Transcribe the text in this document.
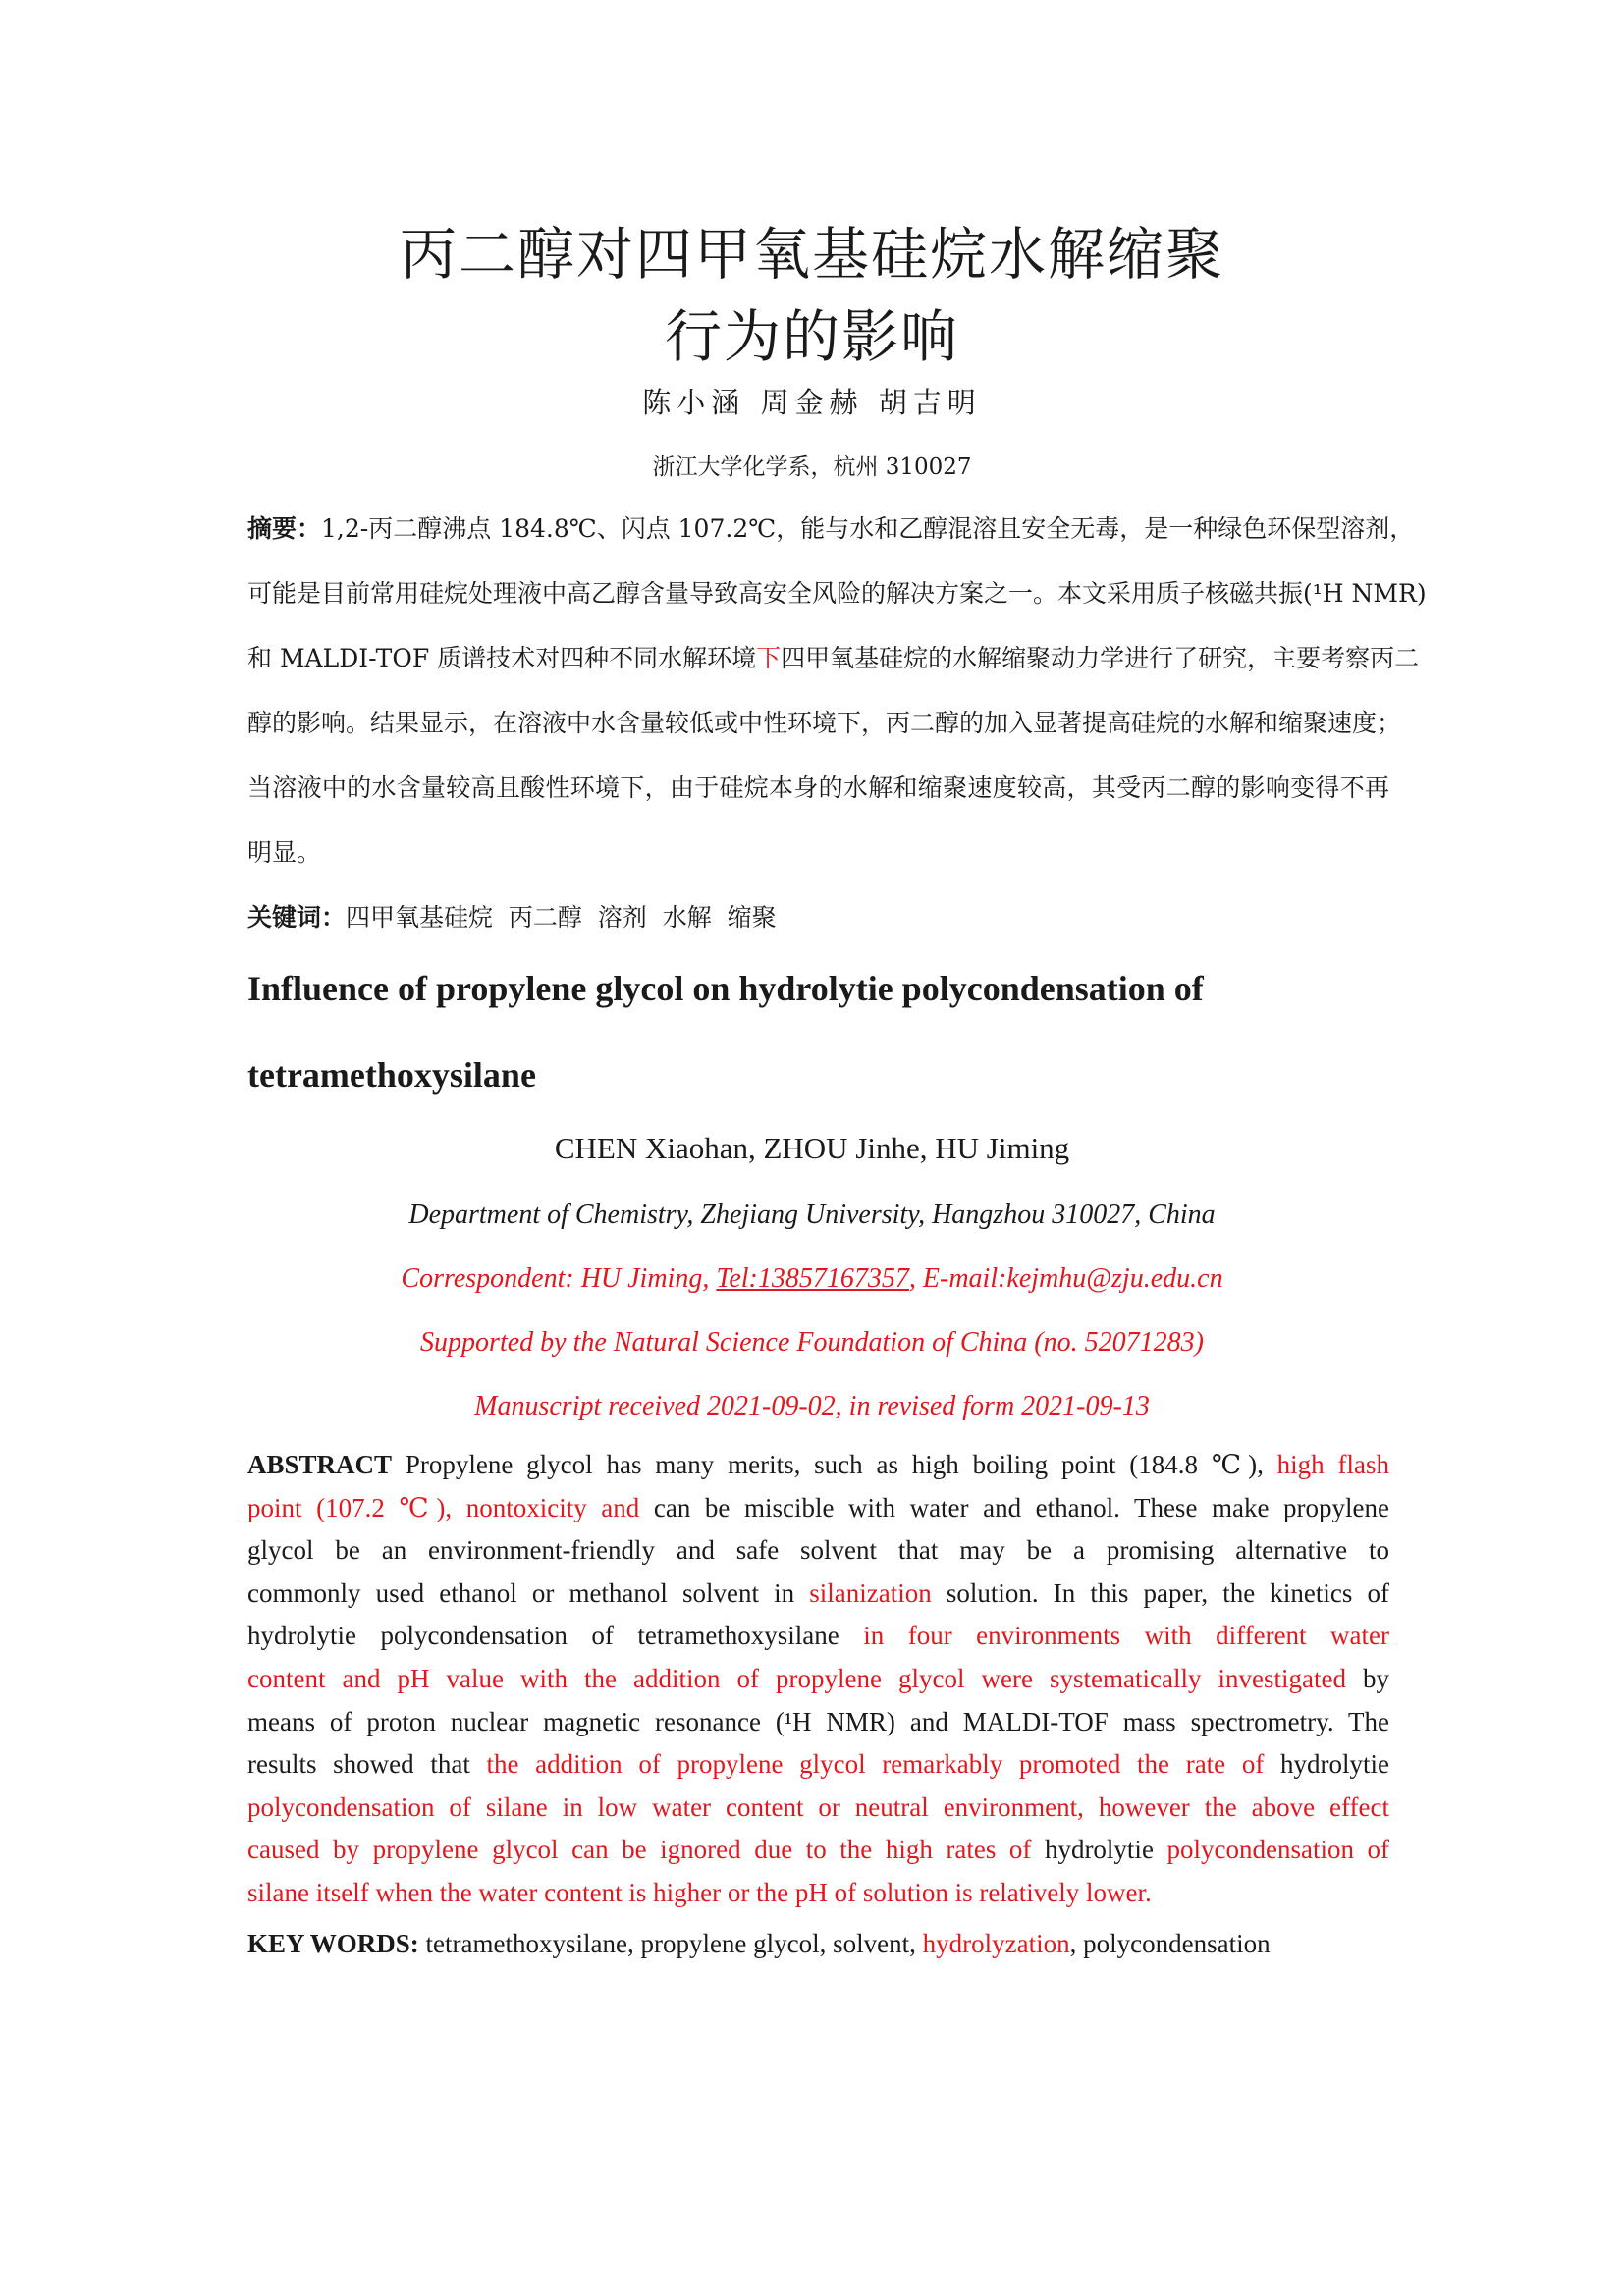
丙二醇对四甲氧基硅烷水解缩聚
行为的影响
陈小涵 周金赫 胡吉明
浙江大学化学系，杭州 310027
摘要：1,2-丙二醇沸点 184.8℃、闪点 107.2℃，能与水和乙醇混溶且安全无毒，是一种绿色环保型溶剂，
可能是目前常用硅烷处理液中高乙醇含量导致高安全风险的解决方案之一。本文采用质子核磁共振(¹H NMR)
和 MALDI-TOF 质谱技术对四种不同水解环境下四甲氧基硅烷的水解缩聚动力学进行了研究，主要考察丙二
醇的影响。结果显示，在溶液中水含量较低或中性环境下，丙二醇的加入显著提高硅烷的水解和缩聚速度；
当溶液中的水含量较高且酸性环境下，由于硅烷本身的水解和缩聚速度较高，其受丙二醇的影响变得不再
明显。
关键词：四甲氧基硅烷  丙二醇  溶剂  水解  缩聚
Influence of propylene glycol on hydrolytie polycondensation of
tetramethoxysilane
CHEN Xiaohan, ZHOU Jinhe, HU Jiming
Department of Chemistry, Zhejiang University, Hangzhou 310027, China
Correspondent: HU Jiming, Tel:13857167357, E-mail:kejmhu@zju.edu.cn
Supported by the Natural Science Foundation of China (no. 52071283)
Manuscript received 2021-09-02, in revised form 2021-09-13
ABSTRACT Propylene glycol has many merits, such as high boiling point (184.8 ℃), high flash
point (107.2 ℃), nontoxicity and can be miscible with water and ethanol. These make propylene
glycol be an environment-friendly and safe solvent that may be a promising alternative to
commonly used ethanol or methanol solvent in silanization solution. In this paper, the kinetics of
hydrolytie polycondensation of tetramethoxysilane in four environments with different water
content and pH value with the addition of propylene glycol were systematically investigated by
means of proton nuclear magnetic resonance (¹H NMR) and MALDI-TOF mass spectrometry. The
results showed that the addition of propylene glycol remarkably promoted the rate of hydrolytie
polycondensation of silane in low water content or neutral environment, however the above effect
caused by propylene glycol can be ignored due to the high rates of hydrolytie polycondensation of
silane itself when the water content is higher or the pH of solution is relatively lower.
KEY WORDS: tetramethoxysilane, propylene glycol, solvent, hydrolyzation, polycondensation
